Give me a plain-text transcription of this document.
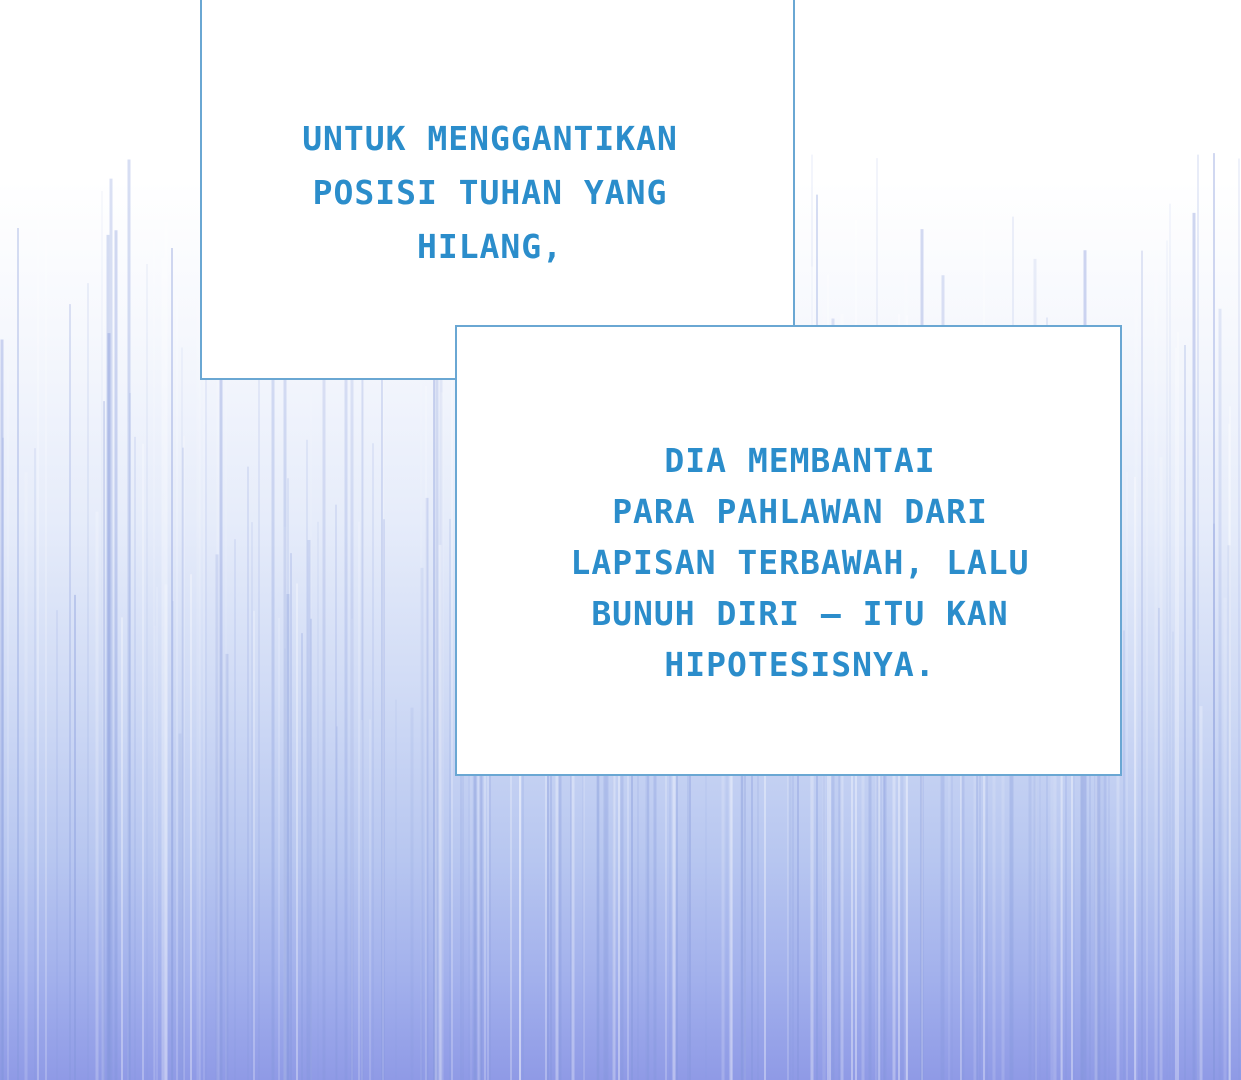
UNTUK MENGGANTIKAN
POSISI TUHAN YANG
HILANG,
DIA MEMBANTAI
PARA PAHLAWAN DARI
LAPISAN TERBAWAH, LALU
BUNUH DIRI — ITU KAN
HIPOTESISNYA.
